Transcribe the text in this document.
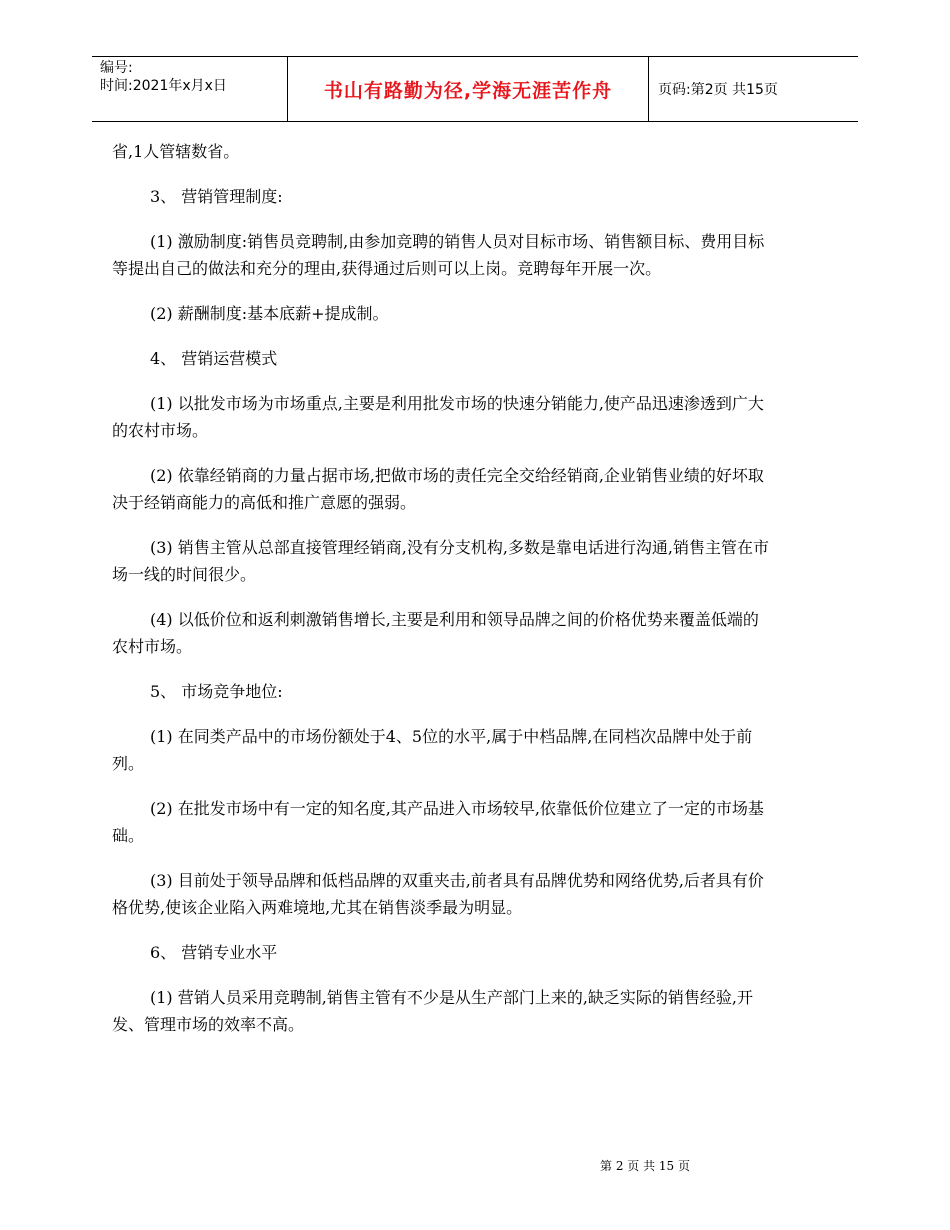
编号:
时间:2021年x月x日	书山有路勤为径,学海无涯苦作舟	页码:第2页 共15页

省,1人管辖数省。

3、 营销管理制度:

(1) 激励制度:销售员竞聘制,由参加竞聘的销售人员对目标市场、销售额目标、费用目标等提出自己的做法和充分的理由,获得通过后则可以上岗。竞聘每年开展一次。

(2) 薪酬制度:基本底薪+提成制。

4、 营销运营模式

(1) 以批发市场为市场重点,主要是利用批发市场的快速分销能力,使产品迅速渗透到广大的农村市场。

(2) 依靠经销商的力量占据市场,把做市场的责任完全交给经销商,企业销售业绩的好坏取决于经销商能力的高低和推广意愿的强弱。

(3) 销售主管从总部直接管理经销商,没有分支机构,多数是靠电话进行沟通,销售主管在市场一线的时间很少。

(4) 以低价位和返利刺激销售增长,主要是利用和领导品牌之间的价格优势来覆盖低端的农村市场。

5、 市场竞争地位:

(1) 在同类产品中的市场份额处于4、5位的水平,属于中档品牌,在同档次品牌中处于前列。

(2) 在批发市场中有一定的知名度,其产品进入市场较早,依靠低价位建立了一定的市场基础。

(3) 目前处于领导品牌和低档品牌的双重夹击,前者具有品牌优势和网络优势,后者具有价格优势,使该企业陷入两难境地,尤其在销售淡季最为明显。

6、 营销专业水平

(1) 营销人员采用竞聘制,销售主管有不少是从生产部门上来的,缺乏实际的销售经验,开发、管理市场的效率不高。

第 2 页 共 15 页
